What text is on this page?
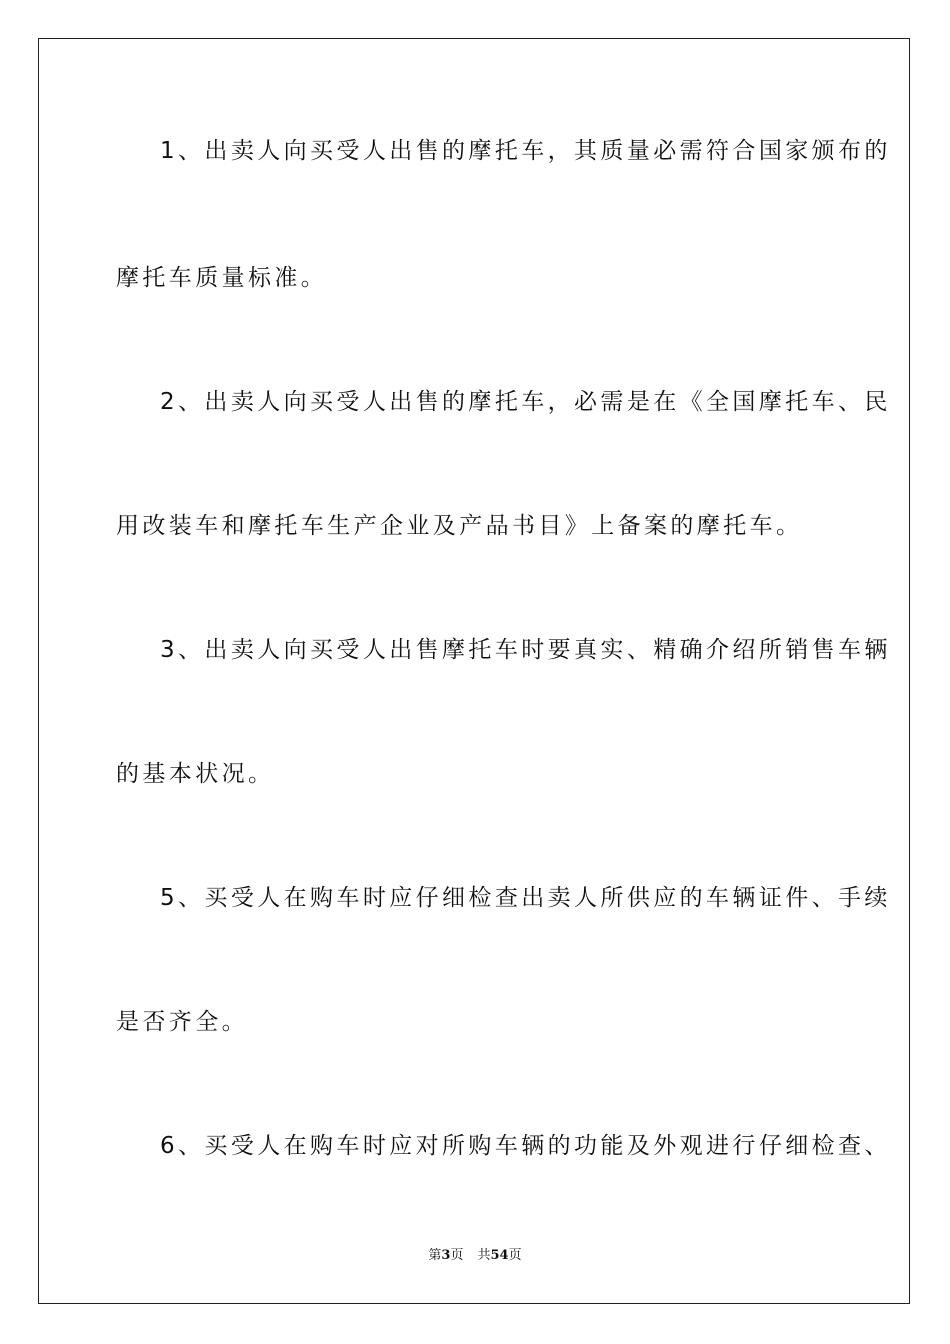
1、出卖人向买受人出售的摩托车，其质量必需符合国家颁布的
摩托车质量标准。
2、出卖人向买受人出售的摩托车，必需是在《全国摩托车、民
用改装车和摩托车生产企业及产品书目》上备案的摩托车。
3、出卖人向买受人出售摩托车时要真实、精确介绍所销售车辆
的基本状况。
5、买受人在购车时应仔细检查出卖人所供应的车辆证件、手续
是否齐全。
6、买受人在购车时应对所购车辆的功能及外观进行仔细检查、
第3页 共54页
